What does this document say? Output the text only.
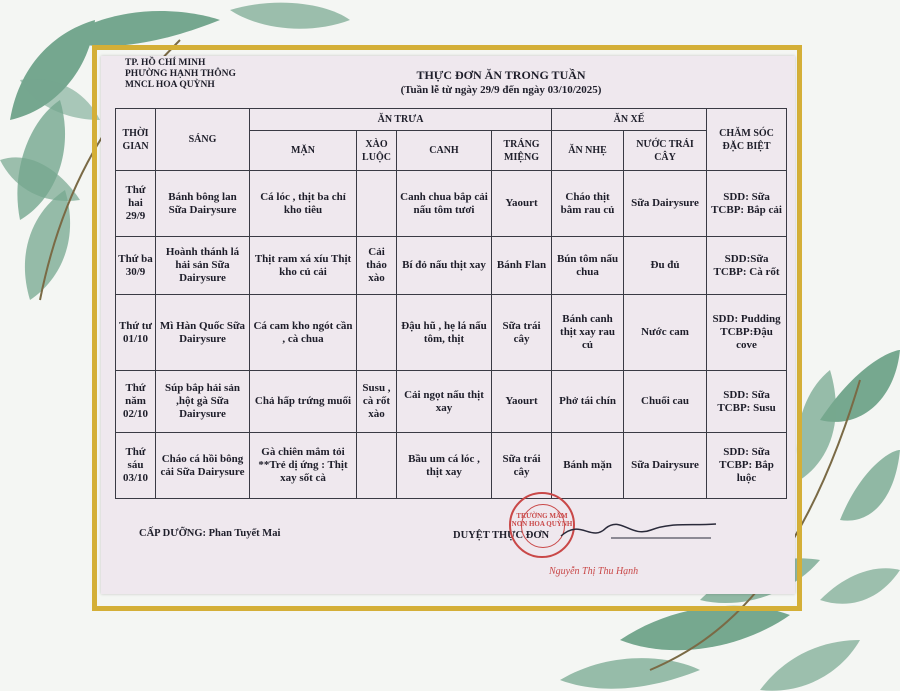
TP. HỒ CHÍ MINH
PHƯỜNG HẠNH THÔNG
MNCL HOA QUỲNH
THỰC ĐƠN ĂN TRONG TUẦN
(Tuần lễ từ ngày 29/9 đến ngày 03/10/2025)
THỜI GIAN	SÁNG	ĂN TRƯA				ĂN XẾ		CHĂM SÓC ĐẶC BIỆT
		MẶN	XÀO LUỘC	CANH	TRÁNG MIỆNG	ĂN NHẸ	NƯỚC TRÁI CÂY	
Thứ hai 29/9	Bánh bông lan Sữa Dairysure	Cá lóc , thịt ba chỉ kho tiêu		Canh chua bắp cải nấu tôm tươi	Yaourt	Cháo thịt bằm rau củ	Sữa Dairysure	SDD: Sữa TCBP: Bắp cải
Thứ ba 30/9	Hoành thánh lá hải sản Sữa Dairysure	Thịt ram xá xíu Thịt kho củ cải	Cải thảo xào	Bí đỏ nấu thịt xay	Bánh Flan	Bún tôm nấu chua	Đu đủ	SDD:Sữa TCBP: Cà rốt
Thứ tư 01/10	Mì Hàn Quốc Sữa Dairysure	Cá cam kho ngót cần , cà chua		Đậu hũ , hẹ lá nấu tôm, thịt	Sữa trái cây	Bánh canh thịt xay rau củ	Nước cam	SDD: Pudding TCBP:Đậu cove
Thứ năm 02/10	Súp bắp hải sản ,hột gà Sữa Dairysure	Chả hấp trứng muối	Susu , cà rốt xào	Cải ngọt nấu thịt xay	Yaourt	Phở tái chín	Chuối cau	SDD: Sữa TCBP: Susu
Thứ sáu 03/10	Cháo cá hồi bông cải Sữa Dairysure	Gà chiên mắm tỏi **Trẻ dị ứng : Thịt xay sốt cà		Bầu um cá lóc , thịt xay	Sữa trái cây	Bánh mặn	Sữa Dairysure	SDD: Sữa TCBP: Bắp luộc
CẤP DƯỠNG: Phan Tuyết Mai	DUYỆT THỰC ĐƠN
TRƯỜNG MẦM NON HOA QUỲNH
Nguyễn Thị Thu Hạnh
